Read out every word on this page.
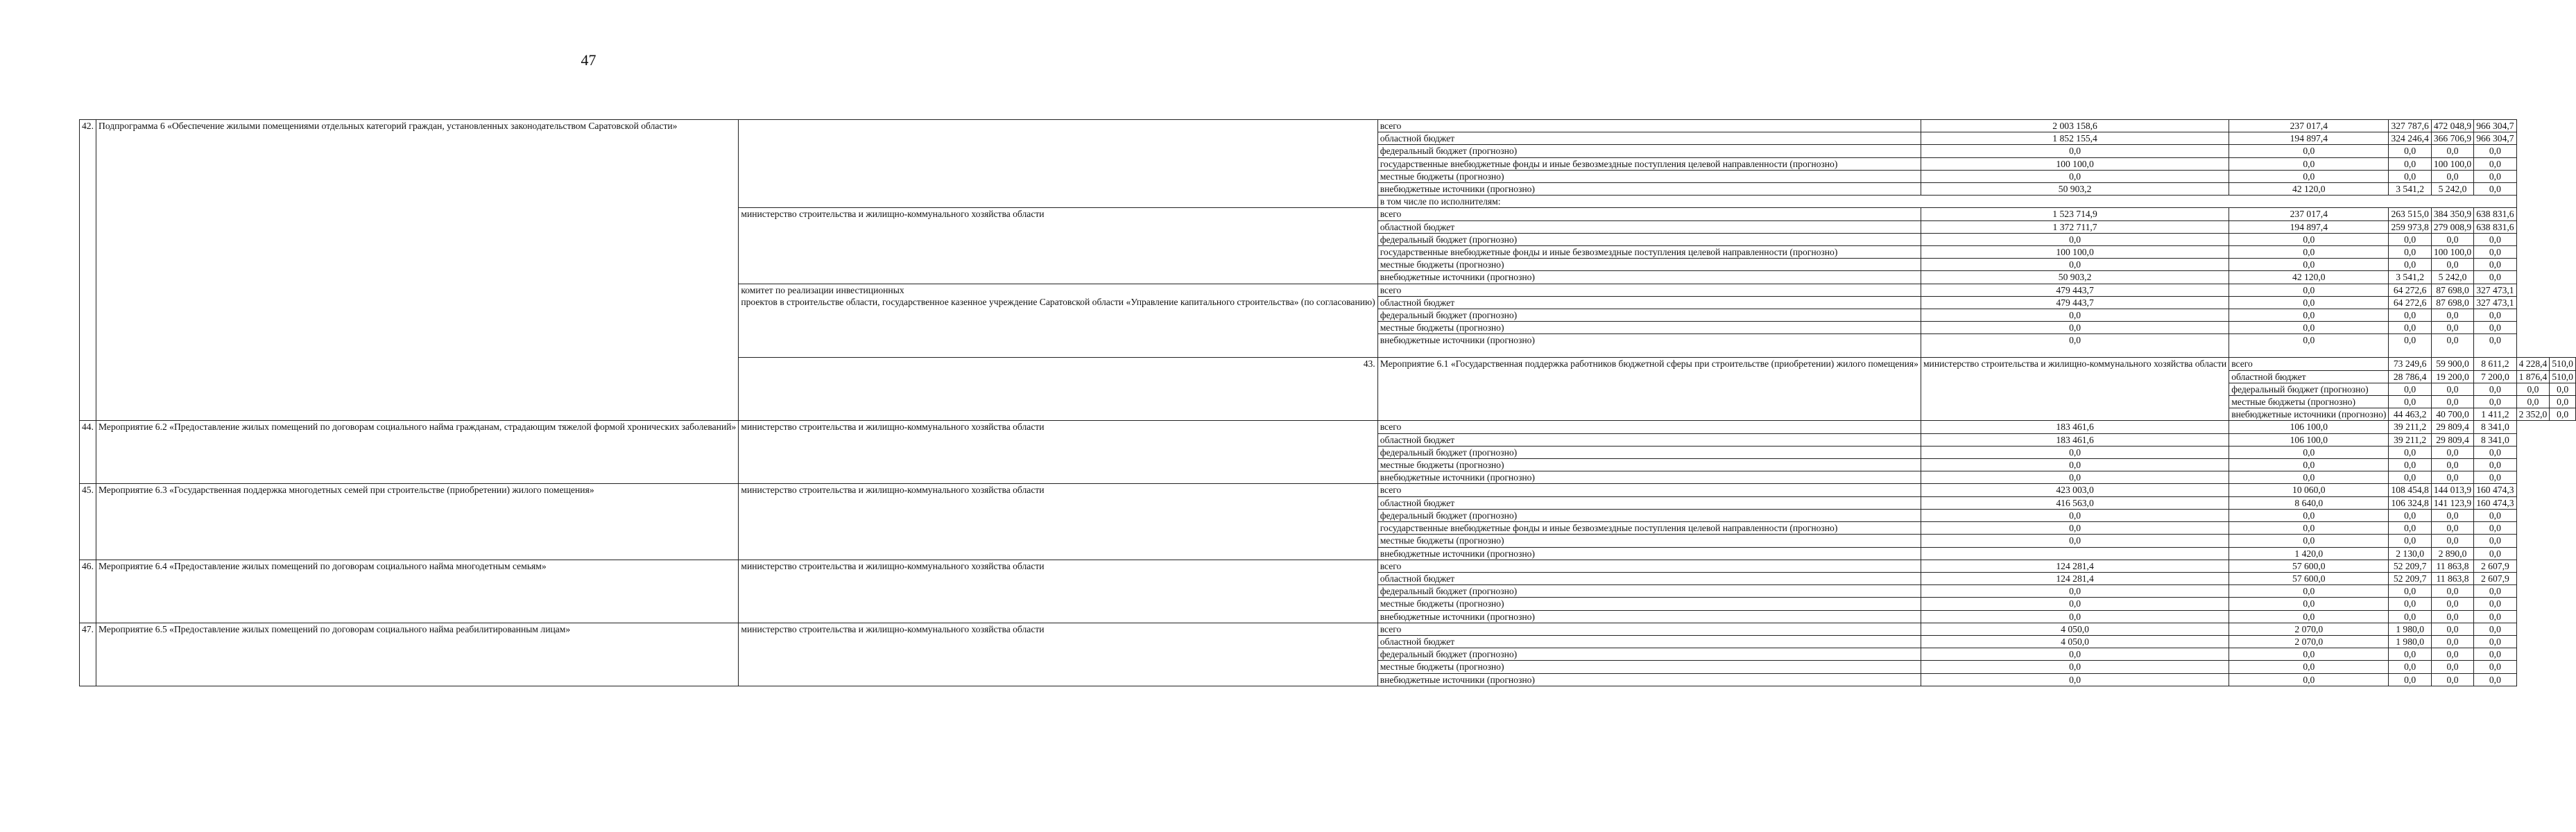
47
42.	Подпрограмма 6 «Обеспечение жилыми помещениями отдельных категорий граждан, установленных законодательством Саратовской области»		всего	2 003 158,6	237 017,4	327 787,6	472 048,9	966 304,7		
			областной бюджет	1 852 155,4	194 897,4	324 246,4	366 706,9	966 304,7		
			федеральный бюджет (прогнозно)	0,0	0,0	0,0	0,0	0,0		
			государственные внебюджетные фонды и иные безвозмездные поступления целевой направленности (прогнозно)	100 100,0	0,0	0,0	100 100,0	0,0		
			местные бюджеты (прогнозно)	0,0	0,0	0,0	0,0	0,0		
			внебюджетные источники (прогнозно)	50 903,2	42 120,0	3 541,2	5 242,0	0,0		
			в том числе по исполнителям:							
		министерство строительства и жилищно-коммунального хозяйства области	всего	1 523 714,9	237 017,4	263 515,0	384 350,9	638 831,6		
			областной бюджет	1 372 711,7	194 897,4	259 973,8	279 008,9	638 831,6		
			федеральный бюджет (прогнозно)	0,0	0,0	0,0	0,0	0,0		
			государственные внебюджетные фонды и иные безвозмездные поступления целевой направленности (прогнозно)	100 100,0	0,0	0,0	100 100,0	0,0		
			местные бюджеты (прогнозно)	0,0	0,0	0,0	0,0	0,0		
			внебюджетные источники (прогнозно)	50 903,2	42 120,0	3 541,2	5 242,0	0,0		
		комитет по реализации инвестиционных
проектов в строительстве области, государственное казенное учреждение Саратовской области «Управление капитального строительства» (по согласованию)	всего	479 443,7	0,0	64 272,6	87 698,0	327 473,1		
			областной бюджет	479 443,7	0,0	64 272,6	87 698,0	327 473,1		
			федеральный бюджет (прогнозно)	0,0	0,0	0,0	0,0	0,0		
			местные бюджеты (прогнозно)	0,0	0,0	0,0	0,0	0,0		
			внебюджетные источники (прогнозно)	0,0	0,0	0,0	0,0	0,0		
		43.	Мероприятие 6.1 «Государственная поддержка работников бюджетной сферы при строительстве (приобретении) жилого помещения»	министерство строительства и жилищно-коммунального хозяйства области	всего	73 249,6	59 900,0	8 611,2	4 228,4	510,0
					областной бюджет	28 786,4	19 200,0	7 200,0	1 876,4	510,0
					федеральный бюджет (прогнозно)	0,0	0,0	0,0	0,0	0,0
					местные бюджеты (прогнозно)	0,0	0,0	0,0	0,0	0,0
					внебюджетные источники (прогнозно)	44 463,2	40 700,0	1 411,2	2 352,0	0,0
44.	Мероприятие 6.2 «Предоставление жилых помещений по договорам социального найма гражданам, страдающим тяжелой формой хронических заболеваний»	министерство строительства и жилищно-коммунального хозяйства области	всего	183 461,6	106 100,0	39 211,2	29 809,4	8 341,0		
			областной бюджет	183 461,6	106 100,0	39 211,2	29 809,4	8 341,0		
			федеральный бюджет (прогнозно)	0,0	0,0	0,0	0,0	0,0		
			местные бюджеты (прогнозно)	0,0	0,0	0,0	0,0	0,0		
			внебюджетные источники (прогнозно)	0,0	0,0	0,0	0,0	0,0		
45.	Мероприятие 6.3 «Государственная поддержка многодетных семей при строительстве (приобретении) жилого помещения»	министерство строительства и жилищно-коммунального хозяйства области	всего	423 003,0	10 060,0	108 454,8	144 013,9	160 474,3		
			областной бюджет	416 563,0	8 640,0	106 324,8	141 123,9	160 474,3		
			федеральный бюджет (прогнозно)	0,0	0,0	0,0	0,0	0,0		
			государственные внебюджетные фонды и иные безвозмездные поступления целевой направленности (прогнозно)	0,0	0,0	0,0	0,0	0,0		
			местные бюджеты (прогнозно)	0,0	0,0	0,0	0,0	0,0		
			внебюджетные источники (прогнозно)		1 420,0	2 130,0	2 890,0	0,0		
46.	Мероприятие 6.4 «Предоставление жилых помещений по договорам социального найма многодетным семьям»	министерство строительства и жилищно-коммунального хозяйства области	всего	124 281,4	57 600,0	52 209,7	11 863,8	2 607,9		
			областной бюджет	124 281,4	57 600,0	52 209,7	11 863,8	2 607,9		
			федеральный бюджет (прогнозно)	0,0	0,0	0,0	0,0	0,0		
			местные бюджеты (прогнозно)	0,0	0,0	0,0	0,0	0,0		
			внебюджетные источники (прогнозно)	0,0	0,0	0,0	0,0	0,0		
47.	Мероприятие 6.5 «Предоставление жилых помещений по договорам социального найма реабилитированным лицам»	министерство строительства и жилищно-коммунального хозяйства области	всего	4 050,0	2 070,0	1 980,0	0,0	0,0		
			областной бюджет	4 050,0	2 070,0	1 980,0	0,0	0,0		
			федеральный бюджет (прогнозно)	0,0	0,0	0,0	0,0	0,0		
			местные бюджеты (прогнозно)	0,0	0,0	0,0	0,0	0,0		
			внебюджетные источники (прогнозно)	0,0	0,0	0,0	0,0	0,0		
